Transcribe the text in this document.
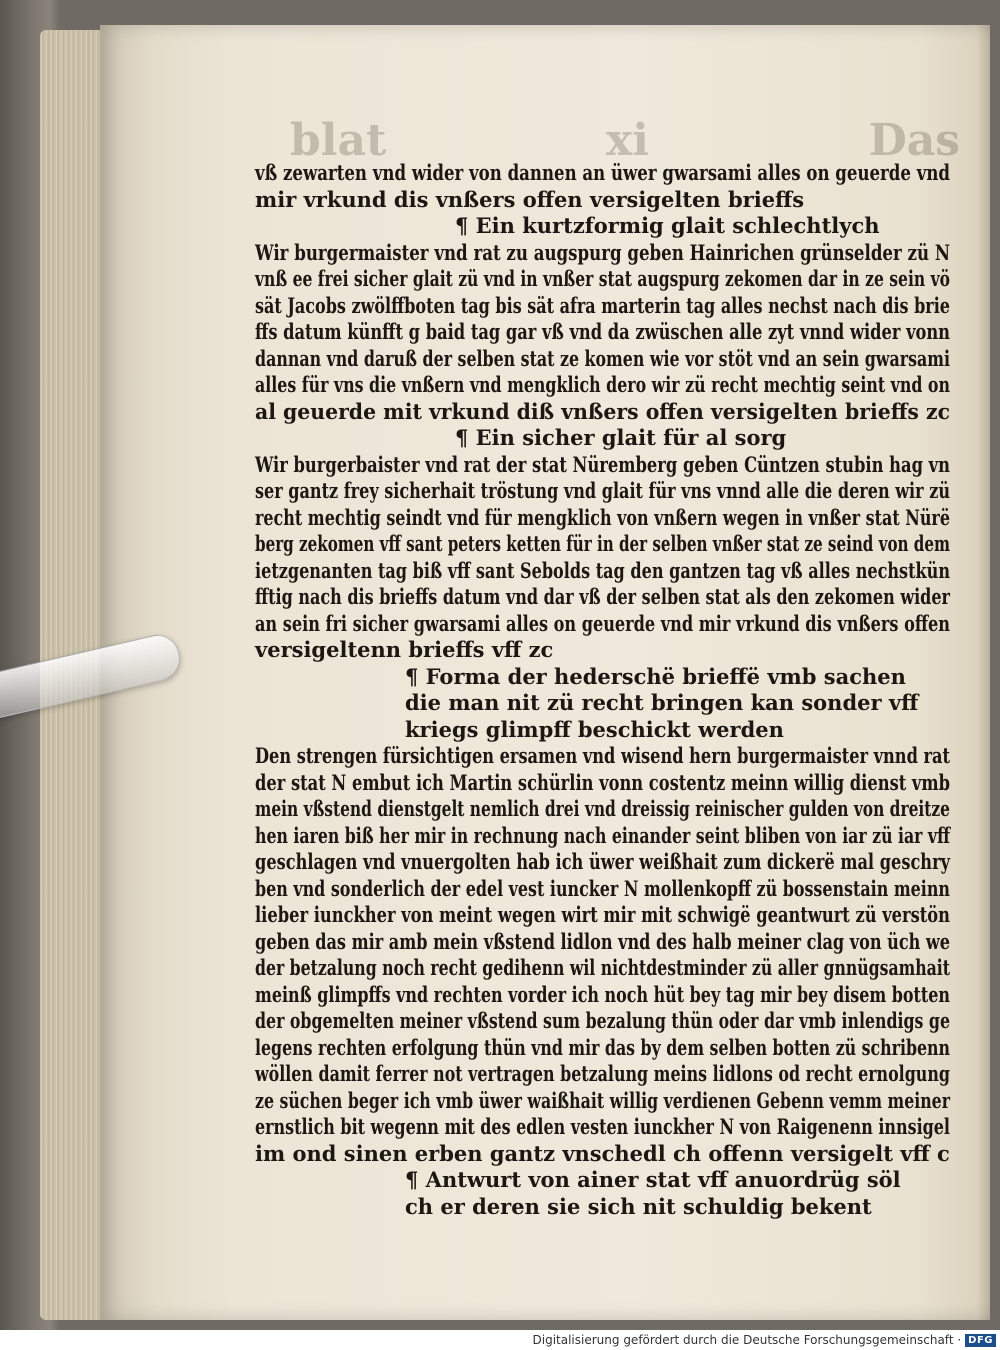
blat	xi	Das
vß zewarten vnd wider von dannen an üwer gwarsami alles on geuerde vnd
mir vrkund dis vnßers offen versigelten brieffs
¶ Ein kurtzformig glait schlechtlych
Wir burgermaister vnd rat zu augspurg geben Hainrichen grünselder zü N
vnß ee frei sicher glait zü vnd in vnßer stat augspurg zekomen dar in ze sein vö
sät Jacobs zwölffboten tag bis sät afra marterin tag alles nechst nach dis brie
ffs datum künfft g baid tag gar vß vnd da zwüschen alle zyt vnnd wider vonn
dannan vnd daruß der selben stat ze komen wie vor stöt vnd an sein gwarsami
alles für vns die vnßern vnd mengklich dero wir zü recht mechtig seint vnd on
al geuerde mit vrkund diß vnßers offen versigelten brieffs zc
¶ Ein sicher glait für al sorg
Wir burgerbaister vnd rat der stat Nüremberg geben Cüntzen stubin hag vn
ser gantz frey sicherhait tröstung vnd glait für vns vnnd alle die deren wir zü
recht mechtig seindt vnd für mengklich von vnßern wegen in vnßer stat Nürë
berg zekomen vff sant peters ketten für in der selben vnßer stat ze seind von dem
ietzgenanten tag biß vff sant Sebolds tag den gantzen tag vß alles nechstkün
fftig nach dis brieffs datum vnd dar vß der selben stat als den zekomen wider
an sein fri sicher gwarsami alles on geuerde vnd mir vrkund dis vnßers offen
versigeltenn brieffs vff zc
¶ Forma der hederschë brieffë vmb sachen
die man nit zü recht bringen kan sonder vff
kriegs glimpff beschickt werden
Den strengen fürsichtigen ersamen vnd wisend hern burgermaister vnnd rat
der stat N embut ich Martin schürlin vonn costentz meinn willig dienst vmb
mein vßstend dienstgelt nemlich drei vnd dreissig reinischer gulden von dreitze
hen iaren biß her mir in rechnung nach einander seint bliben von iar zü iar vff
geschlagen vnd vnuergolten hab ich üwer weißhait zum dickerë mal geschry
ben vnd sonderlich der edel vest iuncker N mollenkopff zü bossenstain meinn
lieber iunckher von meint wegen wirt mir mit schwigë geantwurt zü verstön
geben das mir amb mein vßstend lidlon vnd des halb meiner clag von üch we
der betzalung noch recht gedihenn wil nichtdestminder zü aller gnnügsamhait
meinß glimpffs vnd rechten vorder ich noch hüt bey tag mir bey disem botten
der obgemelten meiner vßstend sum bezalung thün oder dar vmb inlendigs ge
legens rechten erfolgung thün vnd mir das by dem selben botten zü schribenn
wöllen damit ferrer not vertragen betzalung meins lidlons od recht ernolgung
ze süchen beger ich vmb üwer waißhait willig verdienen Gebenn vemm meiner
ernstlich bit wegenn mit des edlen vesten iunckher N von Raigenenn innsigel
im ond sinen erben gantz vnschedl ch offenn versigelt vff c
¶ Antwurt von ainer stat vff anuordrüg söl
ch er deren sie sich nit schuldig bekent
Digitalisierung gefördert durch die Deutsche Forschungsgemeinschaft · DFG
